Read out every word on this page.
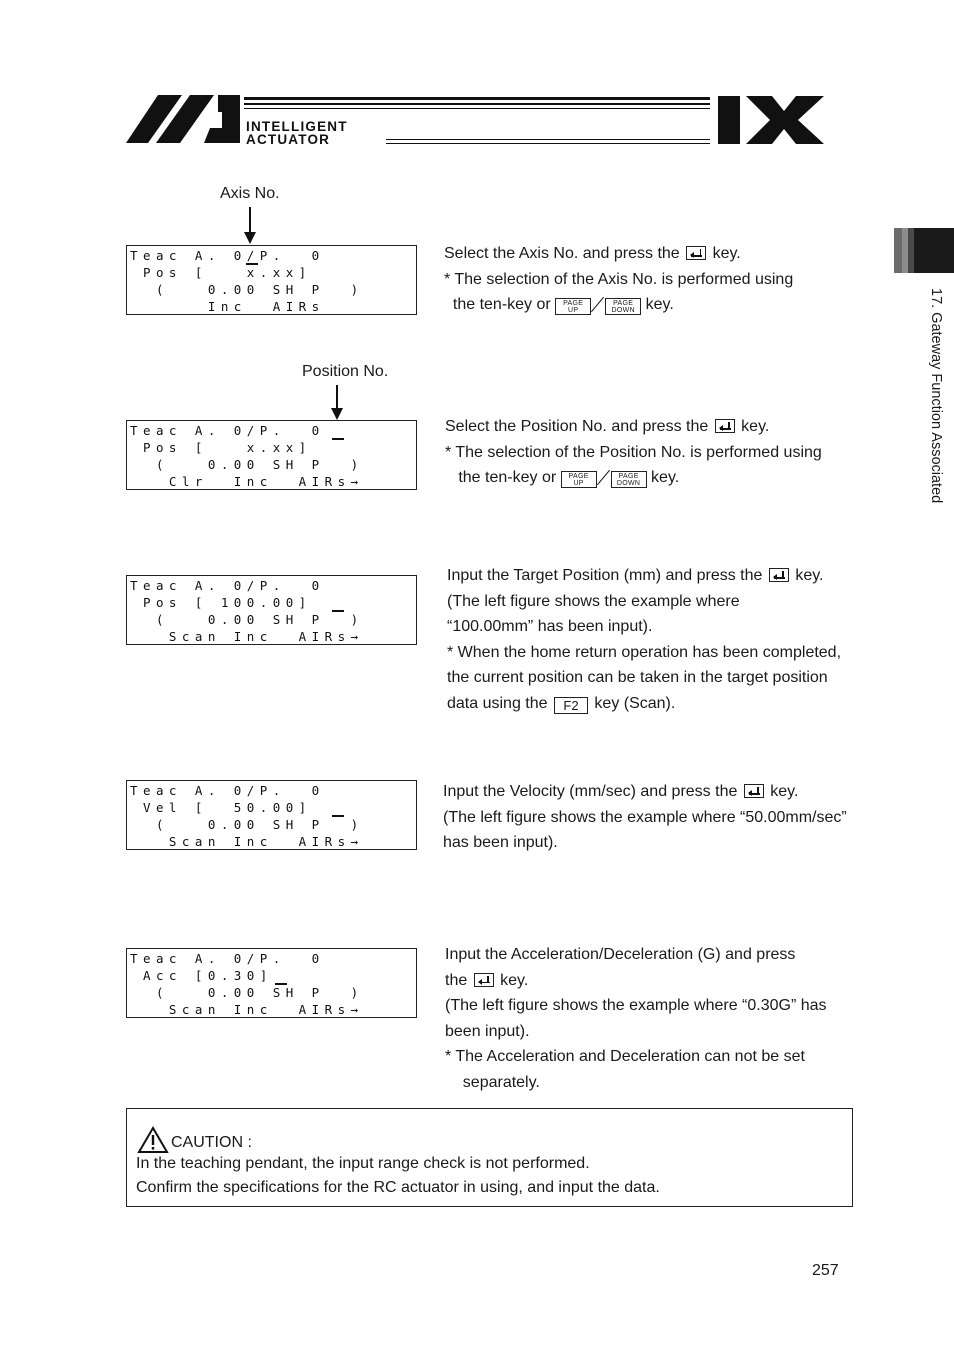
INTELLIGENT
ACTUATOR
17. Gateway Function Associated
Axis No.
Teac A. 0/P.  0
Pos [   x.xx]
(   0.00 SH P  )
Inc  AIRs

Select the Axis No. and press the
key.

* The selection of the Axis No. is performed using

the ten-key or PAGE
UPPAGE
DOWN key.

Position No.
Teac A. 0/P.  0
Pos [   x.xx]
(   0.00 SH P  )
Clr  Inc  AIRs→

Select the Position No. and press the
key.

* The selection of the Position No. is performed using

the ten-key or PAGE
UPPAGE
DOWN key.

Teac A. 0/P.  0
Pos [ 100.00]
(   0.00 SH P  )
Scan Inc  AIRs→

Input the Target Position (mm) and press the
key.

(The left figure shows the example where

“100.00mm” has been input).

* When the home return operation has been completed,

the current position can be taken in the target position

data using the F2 key (Scan).

Teac A. 0/P.  0
Vel [  50.00]
(   0.00 SH P  )
Scan Inc  AIRs→

Input the Velocity (mm/sec) and press the
key.

(The left figure shows the example where “50.00mm/sec”

has been input).

Teac A. 0/P.  0
Acc [0.30]
(   0.00 SH P  )
Scan Inc  AIRs→

Input the Acceleration/Deceleration (G) and press

the
key.

(The left figure shows the example where “0.30G” has

been input).

* The Acceleration and Deceleration can not be set

separately.

CAUTION :
In the teaching pendant, the input range check is not performed.
Confirm the specifications for the RC actuator in using, and input the data.
257
